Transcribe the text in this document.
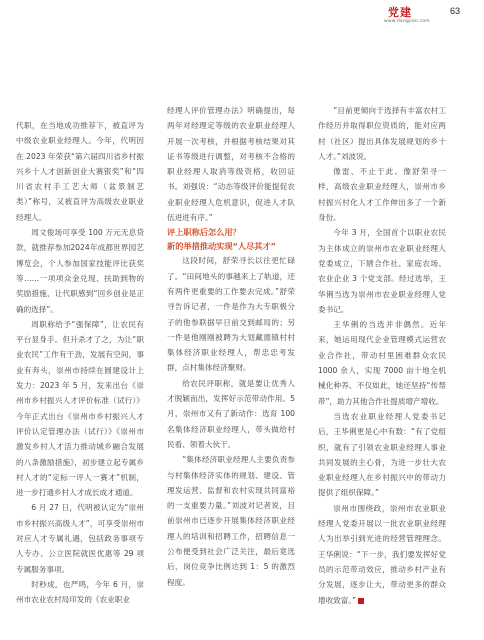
党建
www.dangjian.com
63

代职，在当地成功推荐下，被直评为中级农业职业经理人。今年，代明因在 2023 年荣获“第六届四川省乡村振兴乡十人才创新创业大赛银奖”和“四川省农村手工艺大师（盆景制艺类）”称号，又被直评为高级农业职业经理人。

周文俊场可享受 100 万元无息贷款，就推荐参加2024年成都世界园艺博览会，个人参加国家技能评比获奖等……一项项众金兑现、扶助到物的奖励措施、让代职感到“回乡创业是正确的选择”。

周职称给予“强保障”，让农民有平台显身手。但升杀才了之，为让“职业农民”工作有干劲，发展有空间，事业有奔头，崇州市持续在圆建设计上发力：2023 年 5 月，发来出台《崇州市乡村振兴人才评价标准（试行）》今年正式出台《崇州市乡村振兴人才评价认定管理办法（试行）》《崇州市激发乡村人才活力推动城乡融合发展的八条激励措施》，初步建立起专属乡村人才的“定标一评人一赛才”机制，进一步打通乡村人才成长成才通道。

6 月 27 日，代明被认定为“崇州市乡村振兴高级人才”，可享受崇州市对应人才专属礼遇，包括政务事项专人专办、公立医院就医优惠等 29 项专属服务事项。

时秒成，也严鸣，今年 6 月，崇州市农业农村局印发的《农业职业

经理人评价管理办法》明确提出，每两年对经理定等级的农业职业经理人开展一次考核，并根据考核结果对其证书等级进行调整，对考核不合格的职业经理人取消等级资格，收回证书。刘强说：“动态等级评价能提促农业职业经理人危机意识，促进人才队伍进进有序。”

评上职称后怎么用？

新的举措推动实现“人尽其才”

这段时间，舒荣寻长以往更忙碌了。“田间地头的事越来上了轨道，还有两件更重要的工作要去完成。”舒荣寻告诉记者，一件是作为大专职极分子的他参联据早日前交到邮局的；另一件是他刚刚被聘为大划藏德镇村村集体经济职业经理人，帮忠忠考发群，点村集体经济聚财。

给农民评职称，就是要让优秀人才脱颖而出，发挥好示范带动作用。5 月，崇州市又有了新动作：选育 100 名集体经济职业经理人，带头做给村民看、领着大伙干。

“集体经济职业经理人主要负责参与村集体经济实体的规划、建设、管理发运营、监督和农村实现共同富裕的一支重要力量。”刘波对记者说，目前崇州市已逐步开展集体经济职业经理人的培训和招聘工作，招聘信息一公布便受到社会广泛关注，最后竟选后，岗位竞争比例达到 1：5 的激烈程度。

“目前更倾向于选择有丰富农村工作经历并取得职位资质的，能对应两村（社区）提出具体发展规划的乡十人才。”刘波说。

像雷、不止于此。像舒荣寻一样，高级农业职业经理人，崇州市乡村振兴村化人才工作伸出多了一个新身份。

今年 3 月，全国首个以职业农民为主体成立的崇州市农业职业经理人党委成立，下辖合作社、家庭农场、农业企业 3 个党支部。经过选举，王华俐当选为崇州市农业职业经理人党委书记。

王华俐的当选并非偶然。近年来，她运用现代企业管理模式运营农业合作社，带动村里困难群众农民 1000 余人，实现 7000 亩十地全机械化种养、不仅如此，她还坚持“传帮带”，助力其他合作社提质增产增收。

当选农业职业经理人党委书记后，王华俐更是心中有数：“有了党组织，就有了引领农业职业经理人事业共同发展的主心骨，为进一步壮大农业职业经理人在乡村振兴中的带动力提供了组织保障。”

崇州市围绕政，崇州市农业职业经理人党委开展以一批农业职业经理人为出举引到光进的经营管理理念。王华俐说：“下一步，我们要发挥好党员的示范带动效应，推动乡村产业有分发展，逐步让大，带动更多的群众增收致富。”
